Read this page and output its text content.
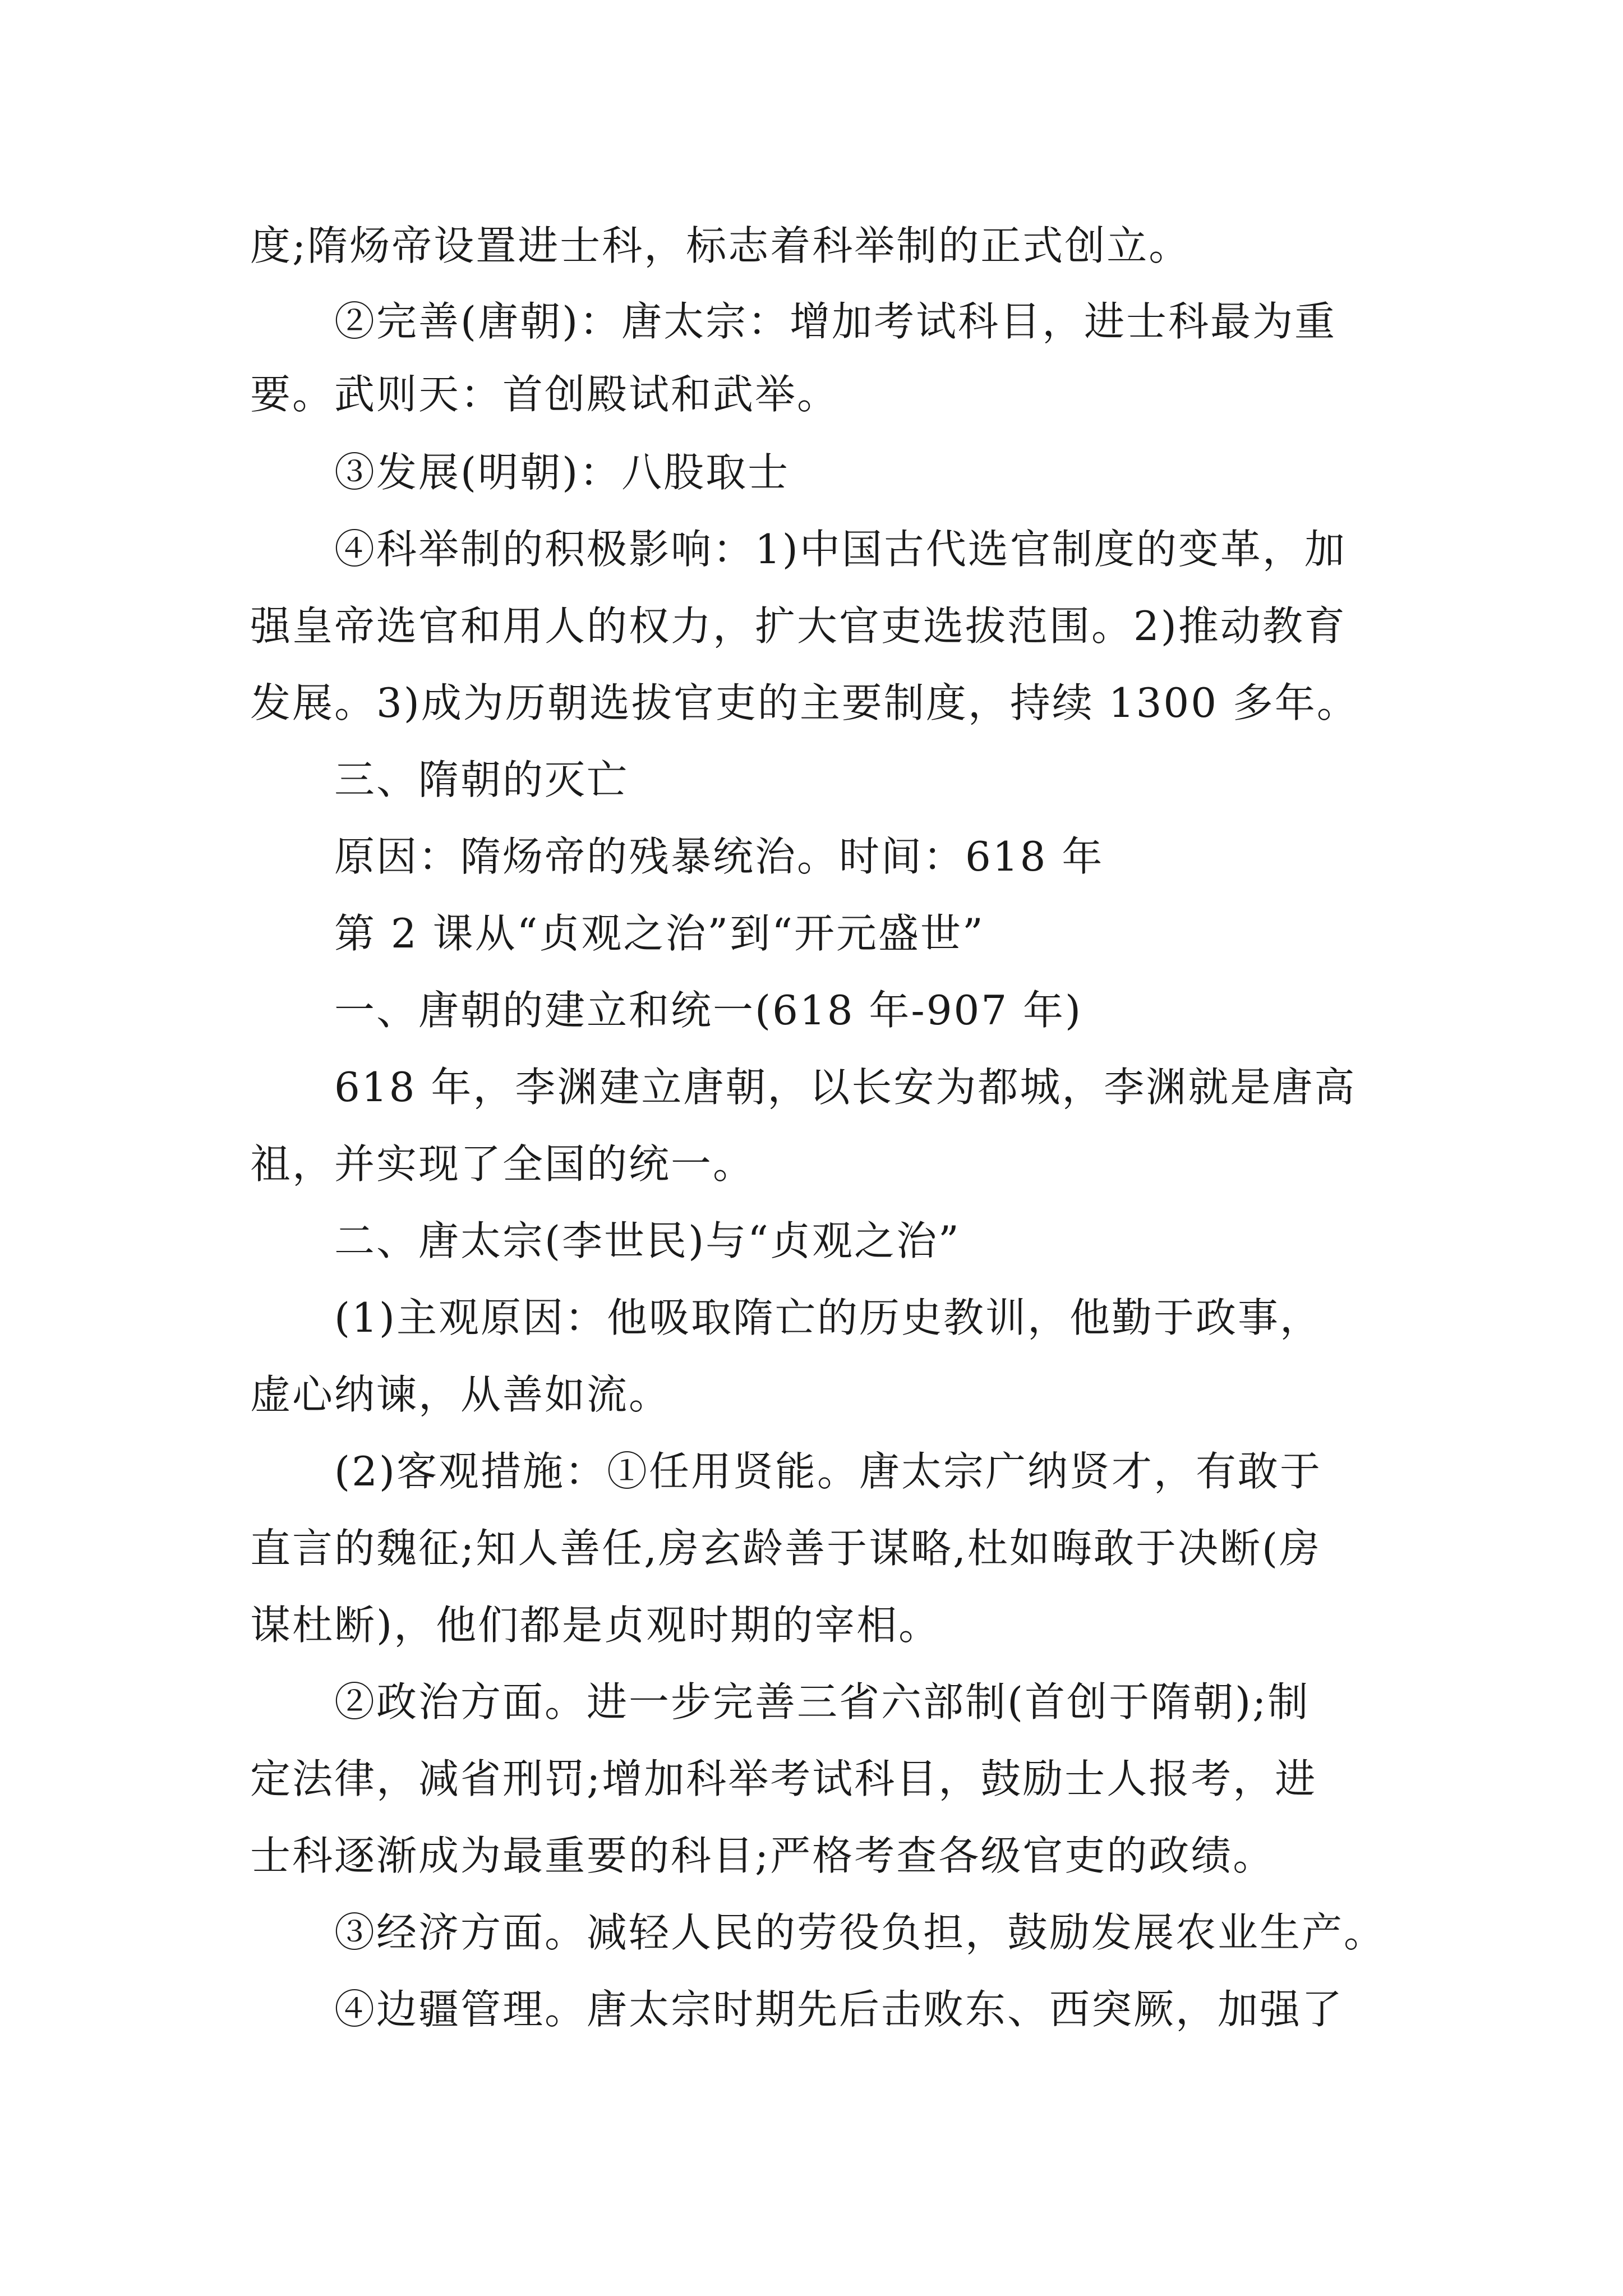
度;隋炀帝设置进士科，标志着科举制的正式创立。
②完善(唐朝)：唐太宗：增加考试科目，进士科最为重
要。武则天：首创殿试和武举。
③发展(明朝)：八股取士
④科举制的积极影响：1)中国古代选官制度的变革，加
强皇帝选官和用人的权力，扩大官吏选拔范围。2)推动教育
发展。3)成为历朝选拔官吏的主要制度，持续 1300 多年。
三、隋朝的灭亡
原因：隋炀帝的残暴统治。时间：618 年
第 2 课从“贞观之治”到“开元盛世”
一、唐朝的建立和统一(618 年-907 年)
618 年，李渊建立唐朝，以长安为都城，李渊就是唐高
祖，并实现了全国的统一。
二、唐太宗(李世民)与“贞观之治”
(1)主观原因：他吸取隋亡的历史教训，他勤于政事，
虚心纳谏，从善如流。
(2)客观措施：①任用贤能。唐太宗广纳贤才，有敢于
直言的魏征;知人善任,房玄龄善于谋略,杜如晦敢于决断(房
谋杜断)，他们都是贞观时期的宰相。
②政治方面。进一步完善三省六部制(首创于隋朝);制
定法律，减省刑罚;增加科举考试科目，鼓励士人报考，进
士科逐渐成为最重要的科目;严格考查各级官吏的政绩。
③经济方面。减轻人民的劳役负担，鼓励发展农业生产。
④边疆管理。唐太宗时期先后击败东、西突厥，加强了
